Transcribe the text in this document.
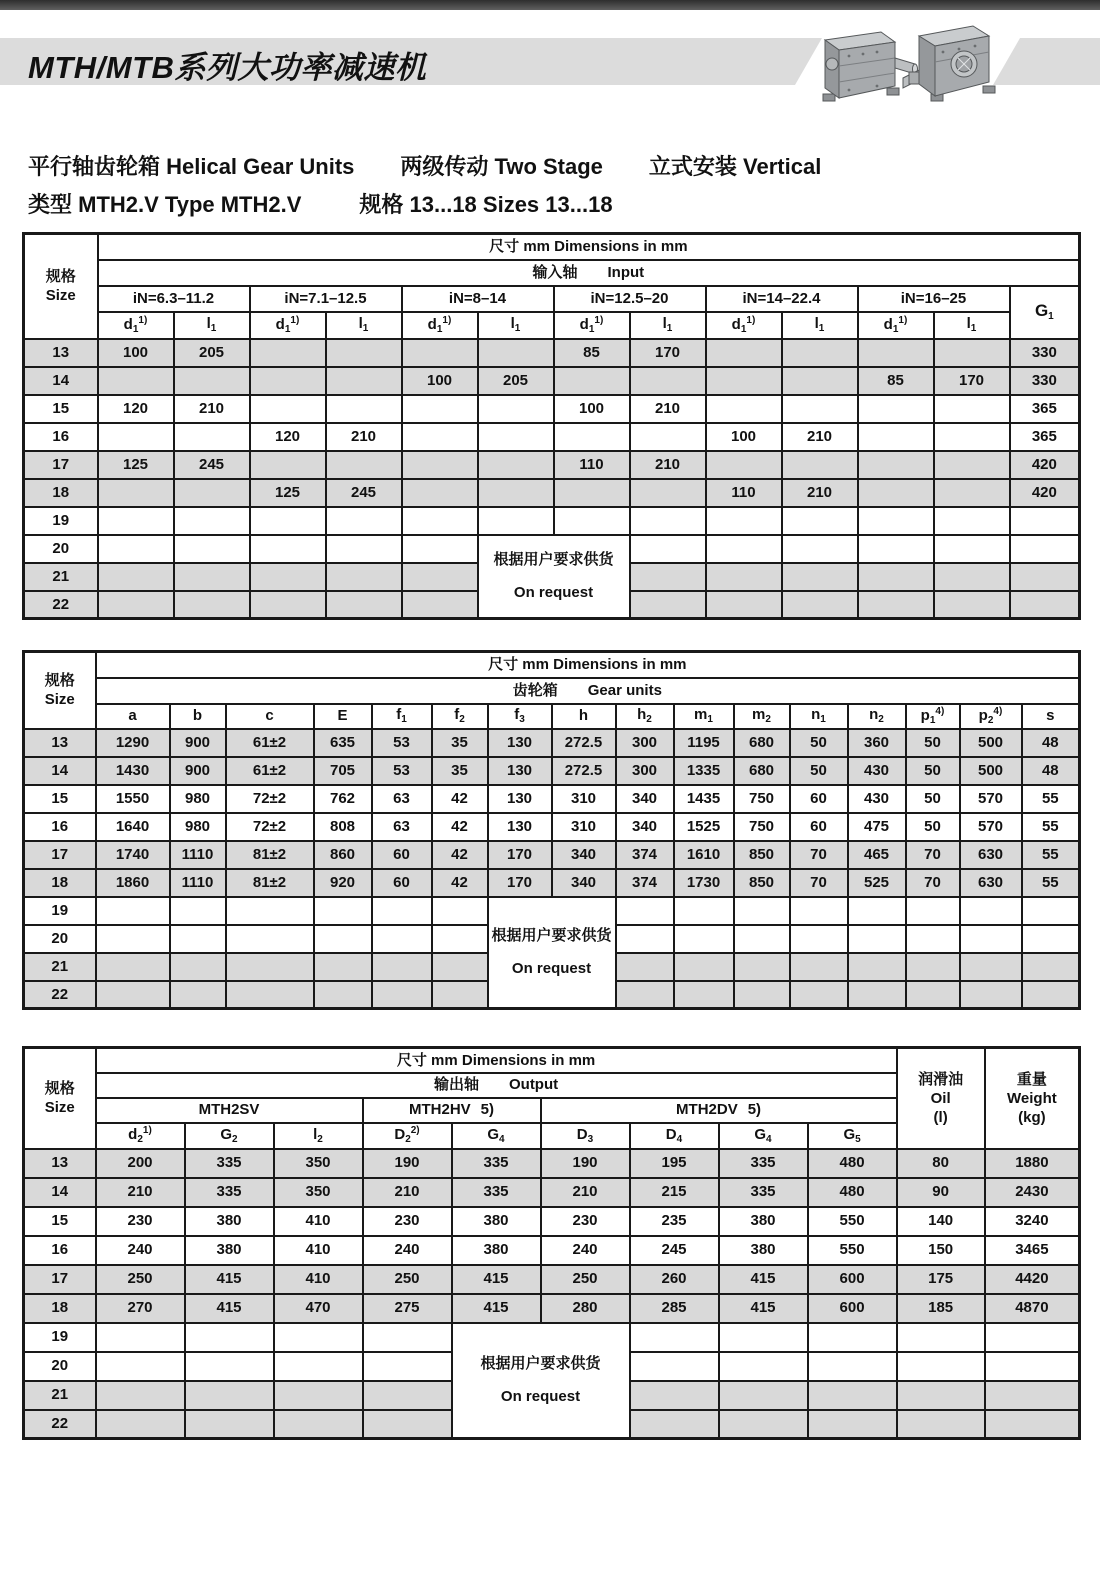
MTH/MTB系列大功率减速机
平行轴齿轮箱 Helical Gear Units 两级传动 Two Stage 立式安装 Vertical
类型 MTH2.V Type MTH2.V	规格 13...18 Sizes 13...18
规格
Size	尺寸 mm Dimensions in mm												
	输入轴 Input												
	iN=6.3–11.2		iN=7.1–12.5		iN=8–14		iN=12.5–20		iN=14–22.4		iN=16–25		G1
	$d_1^{1)}$	$l_1$	$d_1^{1)}$	$l_1$	$d_1^{1)}$	$l_1$	$d_1^{1)}$	$l_1$	$d_1^{1)}$	$l_1$	$d_1^{1)}$	$l_1$
13	100	205					85	170					330
14					100	205					85	170	330
15	120	210					100	210					365
16			120	210					100	210			365
17	125	245					110	210					420
18			125	245					110	210			420
19													
20						根据用户要求供货
On request							

21													
22													
规格
Size	尺寸 mm Dimensions in mm															
	齿轮箱 Gear units															
	a	b	c	E	$f_1$	$f_2$	$f_3$	h	$h_2$	$m_1$	$m_2$	$n_1$	$n_2$	$p_1^{4)}$	$p_2^{4)}$	s
13	1290	900	61±2	635	53	35	130	272.5	300	1195	680	50	360	50	500	48
14	1430	900	61±2	705	53	35	130	272.5	300	1335	680	50	430	50	500	48
15	1550	980	72±2	762	63	42	130	310	340	1435	750	60	430	50	570	55
16	1640	980	72±2	808	63	42	130	310	340	1525	750	60	475	50	570	55
17	1740	1110	81±2	860	60	42	170	340	374	1610	850	70	465	70	630	55
18	1860	1110	81±2	920	60	42	170	340	374	1730	850	70	525	70	630	55
19							根据用户要求供货
On request									

20																
21																
22																
规格
Size
	尺寸 mm Dimensions in mm	
润滑油
Oil
(l)

重量
Weight
(kg)

	输出轴 Output										
	MTH2SV			MTH2HV 5)		MTH2DV 5)					
	$d_2^{1)}$	$G_2$	$l_2$	$D_2^{2)}$	$G_4$	$D_3$	$D_4$	$G_4$	$G_5$
13	200	335	350	190	335	190	195	335	480	80	1880
14	210	335	350	210	335	210	215	335	480	90	2430
15	230	380	410	230	380	230	235	380	550	140	3240
16	240	380	410	240	380	240	245	380	550	150	3465
17	250	415	410	250	415	250	260	415	600	175	4420
18	270	415	470	275	415	280	285	415	600	185	4870
19					根据用户要求供货
On request						

20											
21											
22											
